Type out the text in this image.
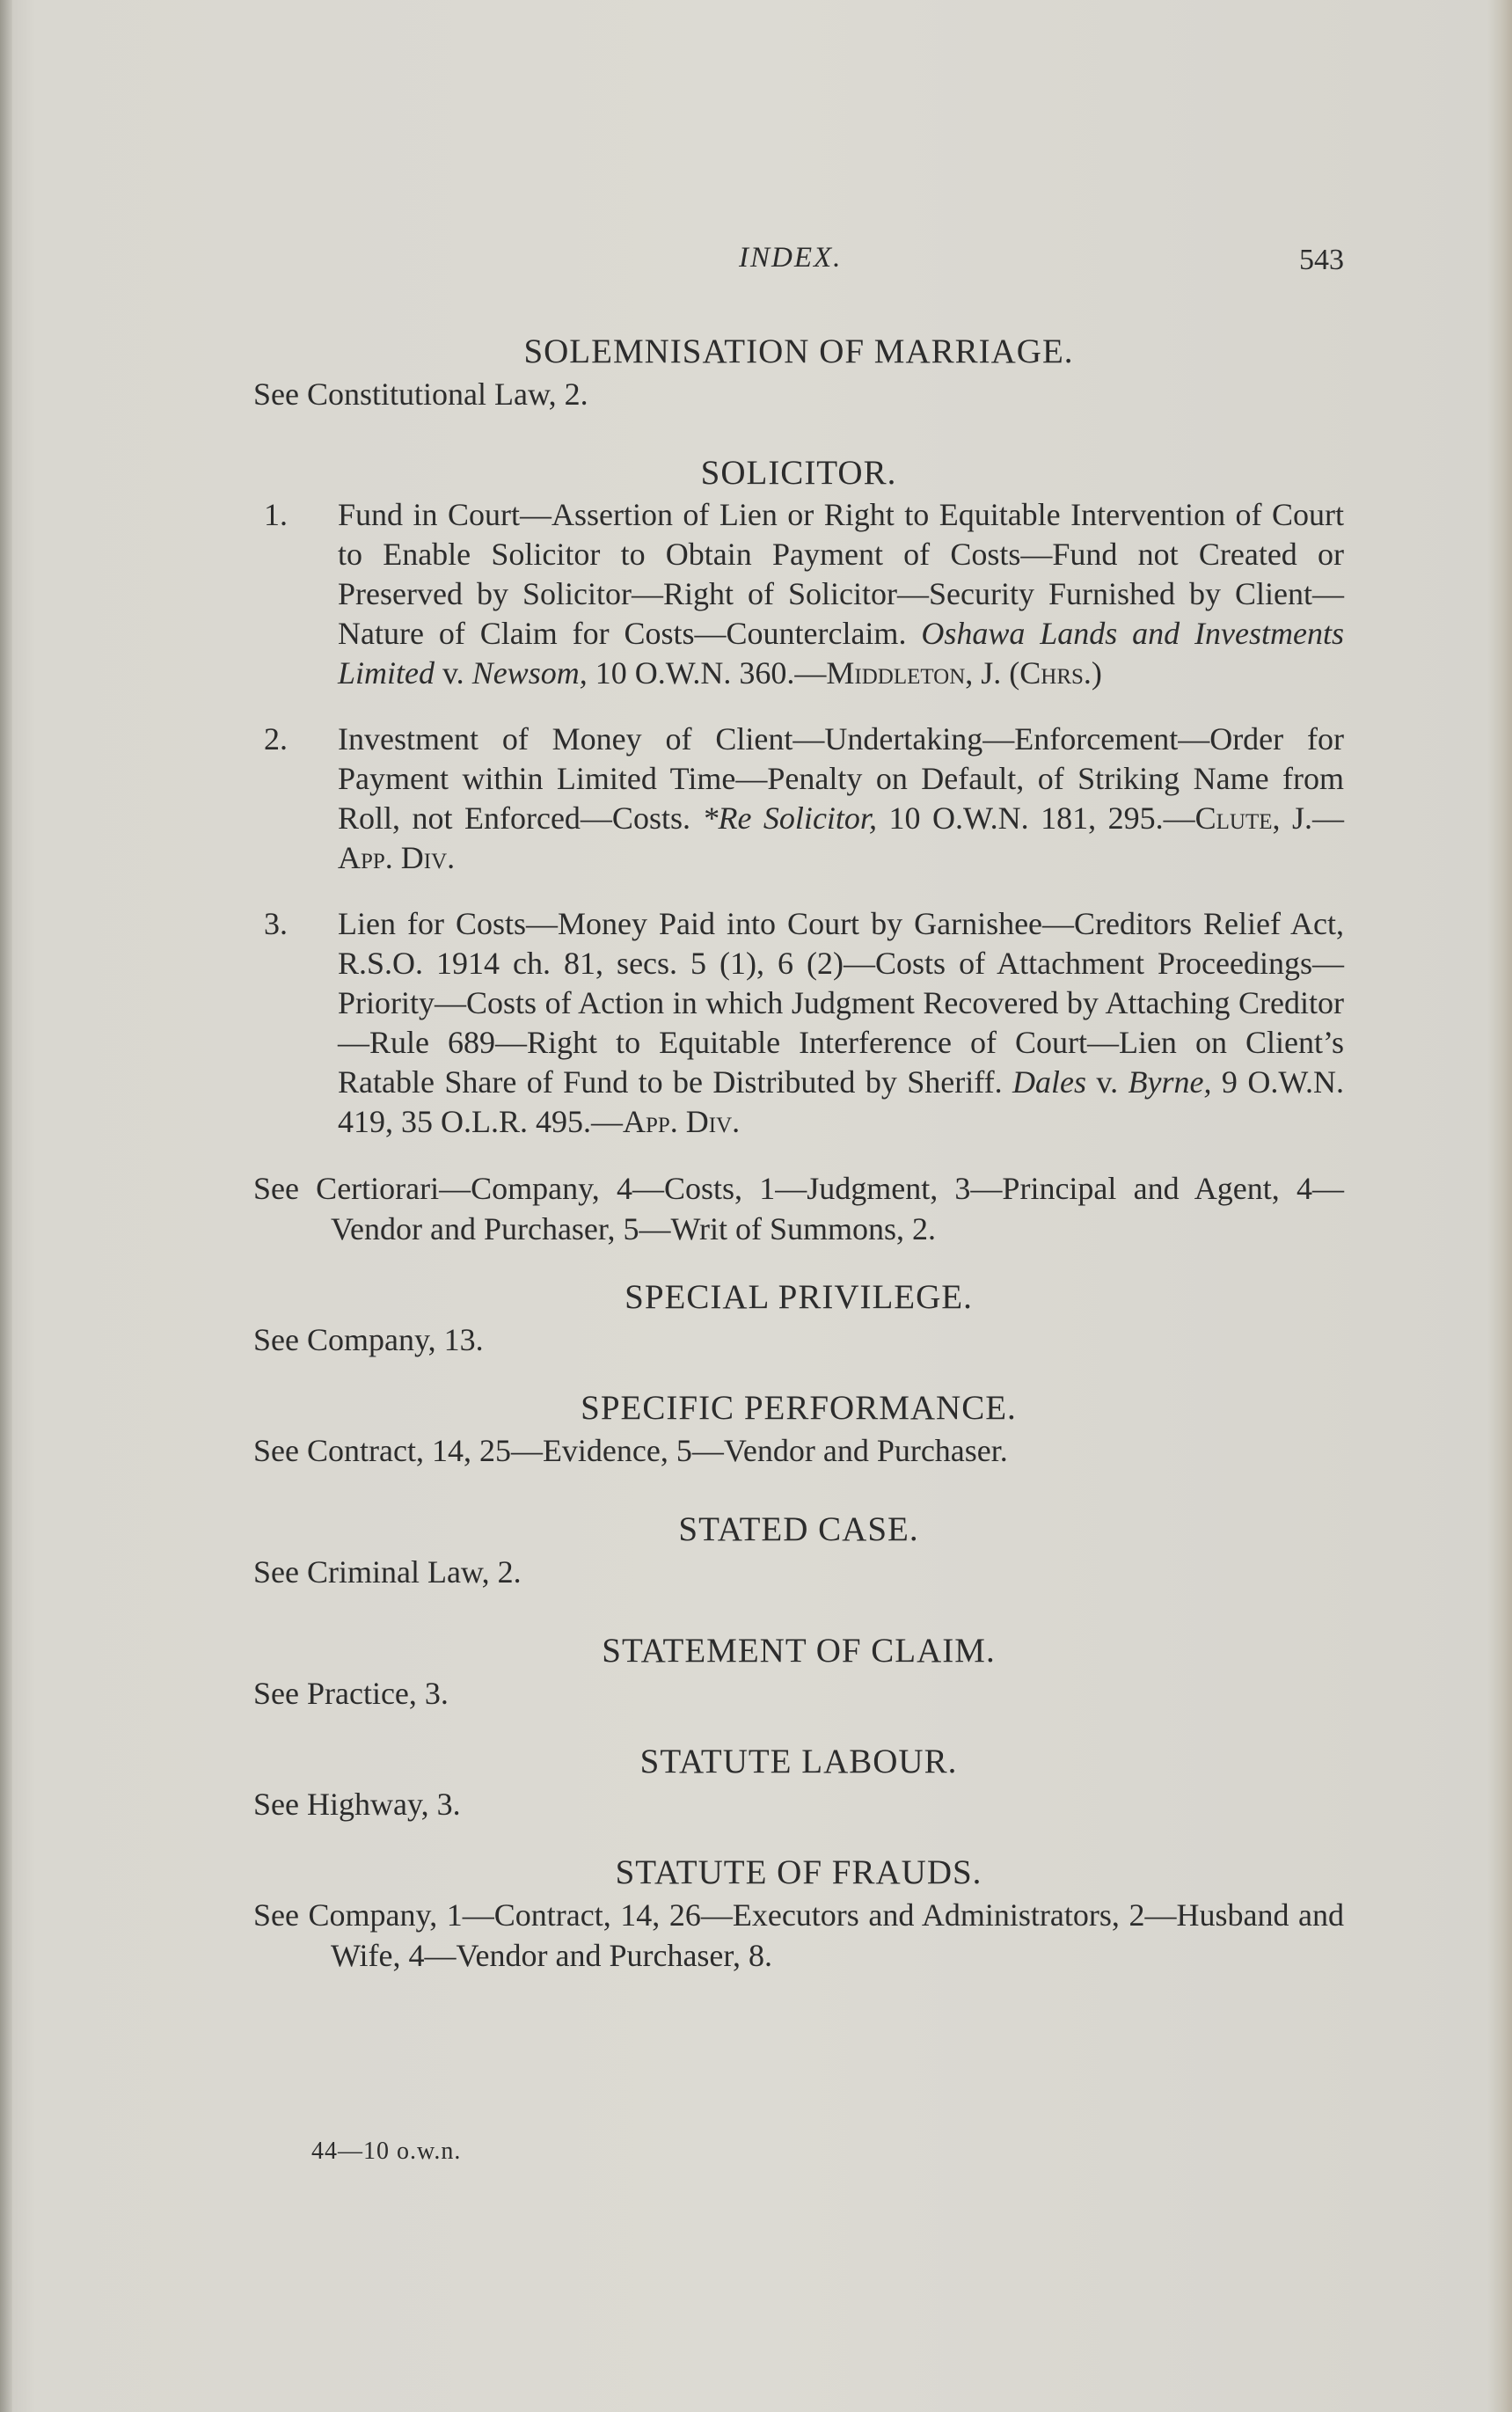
INDEX.	543

SOLEMNISATION OF MARRIAGE.

See Constitutional Law, 2.

SOLICITOR.

1. Fund in Court—Assertion of Lien or Right to Equitable Intervention of Court to Enable Solicitor to Obtain Payment of Costs—Fund not Created or Preserved by Solicitor—Right of Solicitor—Security Furnished by Client—Nature of Claim for Costs—Counterclaim. Oshawa Lands and Investments Limited v. Newsom, 10 O.W.N. 360.—Middleton, J. (Chrs.)

2. Investment of Money of Client—Undertaking—Enforcement—Order for Payment within Limited Time—Penalty on Default, of Striking Name from Roll, not Enforced—Costs. *Re Solicitor, 10 O.W.N. 181, 295.—Clute, J.—App. Div.

3. Lien for Costs—Money Paid into Court by Garnishee—Creditors Relief Act, R.S.O. 1914 ch. 81, secs. 5 (1), 6 (2)—Costs of Attachment Proceedings—Priority—Costs of Action in which Judgment Recovered by Attaching Creditor—Rule 689—Right to Equitable Interference of Court—Lien on Client’s Ratable Share of Fund to be Distributed by Sheriff. Dales v. Byrne, 9 O.W.N. 419, 35 O.L.R. 495.—App. Div.

See Certiorari—Company, 4—Costs, 1—Judgment, 3—Principal and Agent, 4—Vendor and Purchaser, 5—Writ of Summons, 2.

SPECIAL PRIVILEGE.

See Company, 13.

SPECIFIC PERFORMANCE.

See Contract, 14, 25—Evidence, 5—Vendor and Purchaser.

STATED CASE.

See Criminal Law, 2.

STATEMENT OF CLAIM.

See Practice, 3.

STATUTE LABOUR.

See Highway, 3.

STATUTE OF FRAUDS.

See Company, 1—Contract, 14, 26—Executors and Administrators, 2—Husband and Wife, 4—Vendor and Purchaser, 8.

44—10 o.w.n.
